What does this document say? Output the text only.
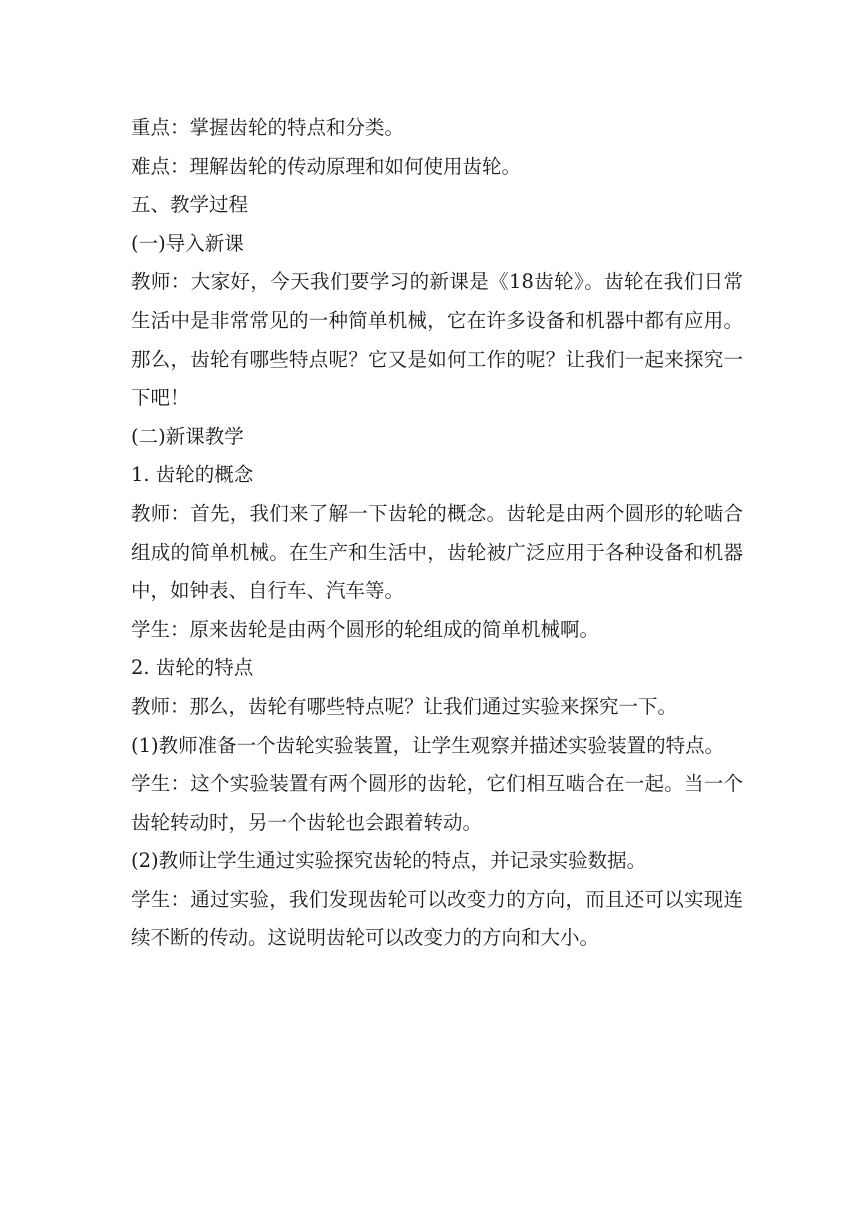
重点：掌握齿轮的特点和分类。

难点：理解齿轮的传动原理和如何使用齿轮。

五、教学过程

(一)导入新课

教师：大家好，今天我们要学习的新课是《18齿轮》。齿轮在我们日常生活中是非常常见的一种简单机械，它在许多设备和机器中都有应用。那么，齿轮有哪些特点呢？它又是如何工作的呢？让我们一起来探究一下吧！

(二)新课教学

1. 齿轮的概念

教师：首先，我们来了解一下齿轮的概念。齿轮是由两个圆形的轮啮合组成的简单机械。在生产和生活中，齿轮被广泛应用于各种设备和机器中，如钟表、自行车、汽车等。

学生：原来齿轮是由两个圆形的轮组成的简单机械啊。

2. 齿轮的特点

教师：那么，齿轮有哪些特点呢？让我们通过实验来探究一下。

(1)教师准备一个齿轮实验装置，让学生观察并描述实验装置的特点。

学生：这个实验装置有两个圆形的齿轮，它们相互啮合在一起。当一个齿轮转动时，另一个齿轮也会跟着转动。

(2)教师让学生通过实验探究齿轮的特点，并记录实验数据。

学生：通过实验，我们发现齿轮可以改变力的方向，而且还可以实现连续不断的传动。这说明齿轮可以改变力的方向和大小。
